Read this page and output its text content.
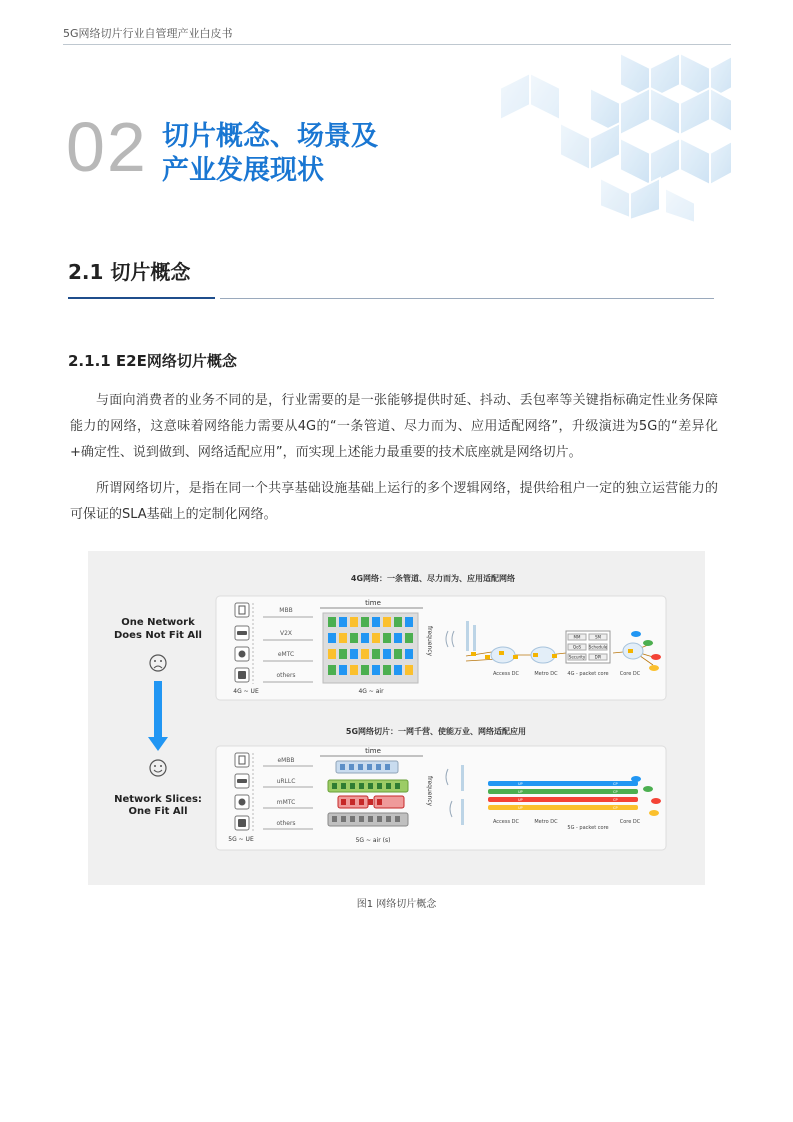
5G网络切片行业自管理产业白皮书
02 切片概念、场景及
产业发展现状
2.1 切片概念
2.1.1 E2E网络切片概念
与面向消费者的业务不同的是，行业需要的是一张能够提供时延、抖动、丢包率等关键指标确定性业务保障能力的网络，这意味着网络能力需要从4G的“一条管道、尽力而为、应用适配网络”，升级演进为5G的“差异化+确定性、说到做到、网络适配应用”，而实现上述能力最重要的技术底座就是网络切片。
所谓网络切片，是指在同一个共享基础设施基础上运行的多个逻辑网络，提供给租户一定的独立运营能力的可保证的SLA基础上的定制化网络。
One Network
Does Not Fit All
Network Slices:
One Fit All
4G网络：一条管道、尽力而为、应用适配网络
4G ~ UE
MBB
V2X
eMTC
others
time
4G ~ air
frequency	MM	SM
QoS Schedule
Security DPI
Access DC	Metro DC 4G - packet core Core DC
5G网络切片：一网千营、使能万业、网络适配应用
5G ~ UE
eMBB
uRLLC
mMTC
others
time
5G ~ air (s)
frequency	UP	CP
UP	CP
UP	CP
UP	CP
Access DC	Metro DC
5G - packet core
Core DC
图1 网络切片概念
